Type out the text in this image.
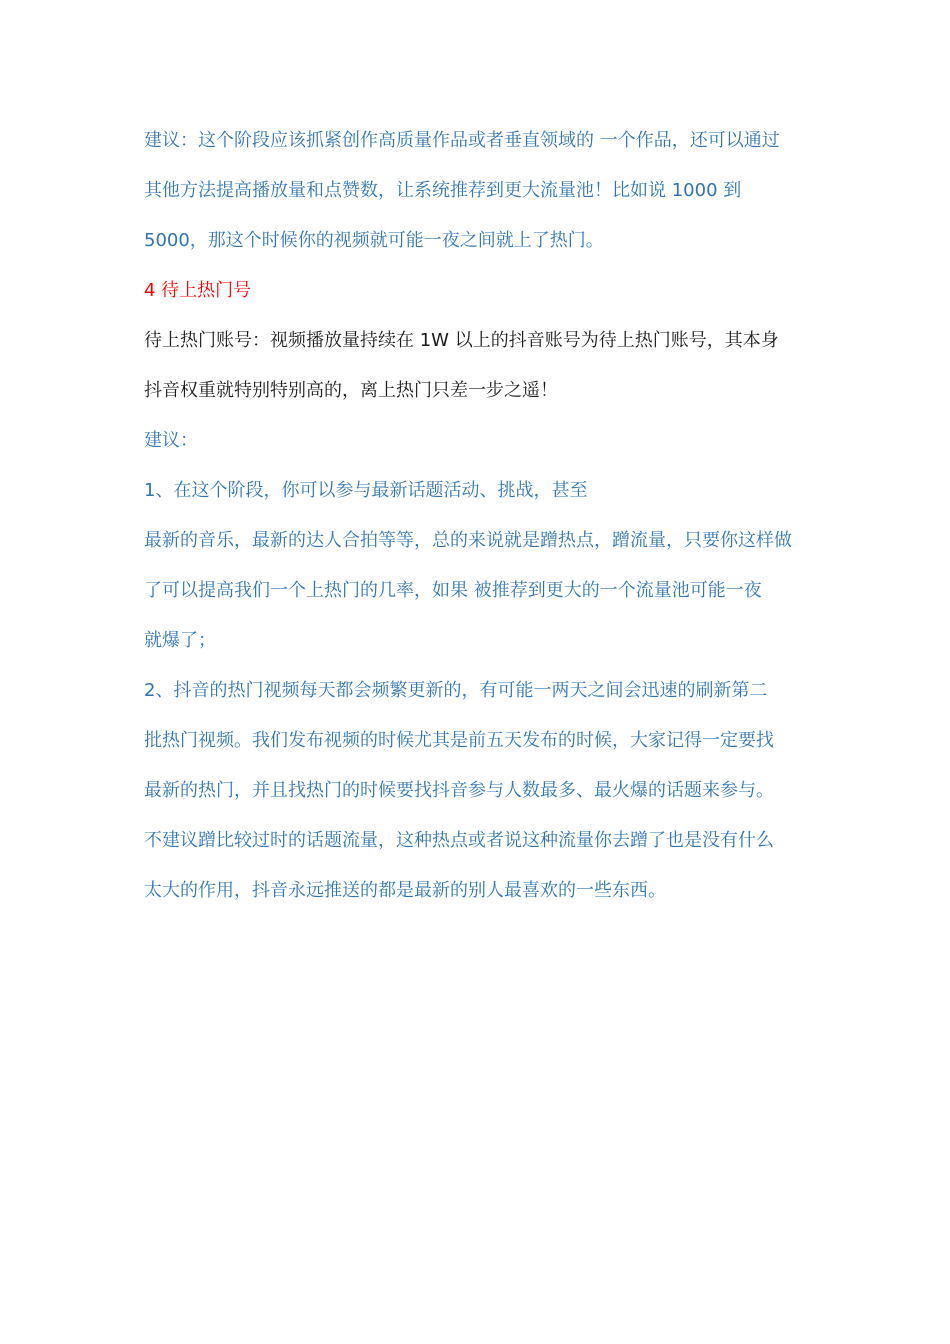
建议：这个阶段应该抓紧创作高质量作品或者垂直领域的 一个作品，还可以通过
其他方法提高播放量和点赞数，让系统推荐到更大流量池！比如说 1000 到
5000，那这个时候你的视频就可能一夜之间就上了热门。
4 待上热门号
待上热门账号：视频播放量持续在 1W 以上的抖音账号为待上热门账号，其本身
抖音权重就特别特别高的，离上热门只差一步之遥！
建议：
1、在这个阶段，你可以参与最新话题活动、挑战，甚至
最新的音乐，最新的达人合拍等等，总的来说就是蹭热点，蹭流量，只要你这样做
了可以提高我们一个上热门的几率，如果 被推荐到更大的一个流量池可能一夜
就爆了；
2、抖音的热门视频每天都会频繁更新的，有可能一两天之间会迅速的刷新第二
批热门视频。我们发布视频的时候尤其是前五天发布的时候，大家记得一定要找
最新的热门，并且找热门的时候要找抖音参与人数最多、最火爆的话题来参与。
不建议蹭比较过时的话题流量，这种热点或者说这种流量你去蹭了也是没有什么
太大的作用，抖音永远推送的都是最新的别人最喜欢的一些东西。
